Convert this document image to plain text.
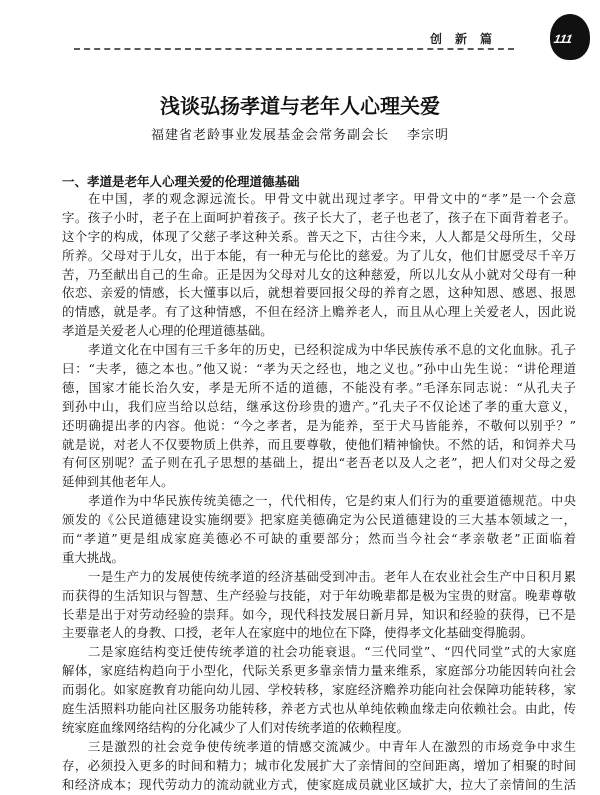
创新篇	111
浅谈弘扬孝道与老年人心理关爱
福建省老龄事业发展基金会常务副会长 李宗明
一、孝道是老年人心理关爱的伦理道德基础
在中国，孝的观念源远流长。甲骨文中就出现过孝字。甲骨文中的“孝”是一个会意
字。孩子小时，老子在上面呵护着孩子。孩子长大了，老子也老了，孩子在下面背着老子。
这个字的构成，体现了父慈子孝这种关系。普天之下，古往今来，人人都是父母所生，父母
所养。父母对于儿女，出于本能，有一种无与伦比的慈爱。为了儿女，他们甘愿受尽千辛万
苦，乃至献出自己的生命。正是因为父母对儿女的这种慈爱，所以儿女从小就对父母有一种
依恋、亲爱的情感，长大懂事以后，就想着要回报父母的养育之恩，这种知恩、感恩、报恩
的情感，就是孝。有了这种情感，不但在经济上赡养老人，而且从心理上关爱老人，因此说
孝道是关爱老人心理的伦理道德基础。
孝道文化在中国有三千多年的历史，已经积淀成为中华民族传承不息的文化血脉。孔子
曰：“夫孝，德之本也。”他又说：“孝为天之经也，地之义也。”孙中山先生说：“讲伦理道
德，国家才能长治久安，孝是无所不适的道德，不能没有孝。”毛泽东同志说：“从孔夫子
到孙中山，我们应当给以总结，继承这份珍贵的遗产。”孔夫子不仅论述了孝的重大意义，
还明确提出孝的内容。他说：“今之孝者，是为能养，至于犬马皆能养，不敬何以别乎？”
就是说，对老人不仅要物质上供养，而且要尊敬，使他们精神愉快。不然的话，和饲养犬马
有何区别呢？孟子则在孔子思想的基础上，提出“老吾老以及人之老”，把人们对父母之爱
延伸到其他老年人。
孝道作为中华民族传统美德之一，代代相传，它是约束人们行为的重要道德规范。中央
颁发的《公民道德建设实施纲要》把家庭美德确定为公民道德建设的三大基本领域之一，
而“孝道”更是组成家庭美德必不可缺的重要部分；然而当今社会“孝亲敬老”正面临着
重大挑战。
一是生产力的发展使传统孝道的经济基础受到冲击。老年人在农业社会生产中日积月累
而获得的生活知识与智慧、生产经验与技能，对于年幼晚辈都是极为宝贵的财富。晚辈尊敬
长辈是出于对劳动经验的崇拜。如今，现代科技发展日新月异，知识和经验的获得，已不是
主要靠老人的身教、口授，老年人在家庭中的地位在下降，使得孝文化基础变得脆弱。
二是家庭结构变迁使传统孝道的社会功能衰退。“三代同堂”、“四代同堂”式的大家庭
解体，家庭结构趋向于小型化，代际关系更多靠亲情力量来维系，家庭部分功能因转向社会
而弱化。如家庭教育功能向幼儿园、学校转移，家庭经济赡养功能向社会保障功能转移，家
庭生活照料功能向社区服务功能转移，养老方式也从单纯依赖血缘走向依赖社会。由此，传
统家庭血缘网络结构的分化减少了人们对传统孝道的依赖程度。
三是激烈的社会竞争使传统孝道的情感交流减少。中青年人在激烈的市场竞争中求生
存，必须投入更多的时间和精力；城市化发展扩大了亲情间的空间距离，增加了相聚的时间
和经济成本；现代劳动力的流动就业方式，使家庭成员就业区域扩大，拉大了亲情间的生活
